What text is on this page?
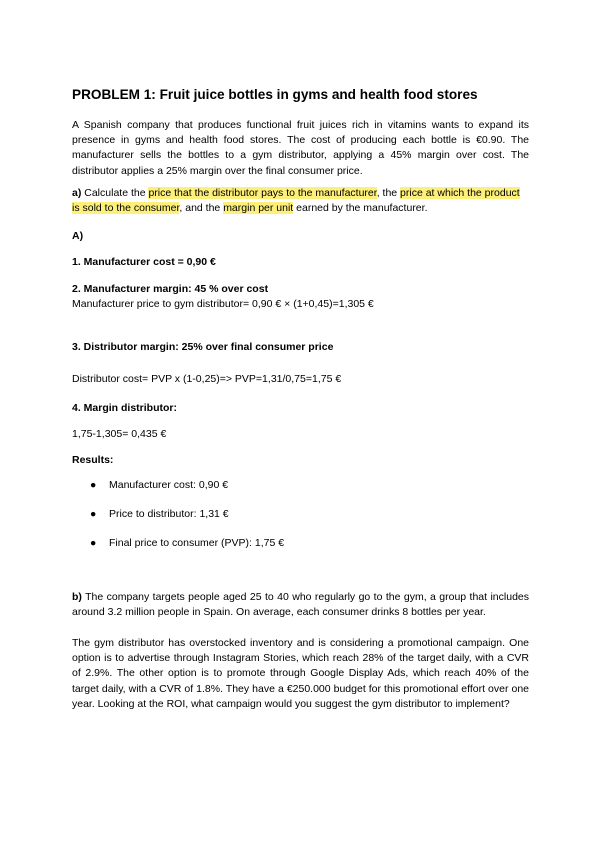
PROBLEM 1: Fruit juice bottles in gyms and health food stores

A Spanish company that produces functional fruit juices rich in vitamins wants to expand its presence in gyms and health food stores. The cost of producing each bottle is €0.90. The manufacturer sells the bottles to a gym distributor, applying a 45% margin over cost. The distributor applies a 25% margin over the final consumer price.

a) Calculate the price that the distributor pays to the manufacturer, the price at which the product is sold to the consumer, and the margin per unit earned by the manufacturer.

A)

1. Manufacturer cost = 0,90 €

2. Manufacturer margin: 45 % over cost

Manufacturer price to gym distributor= 0,90 € × (1+0,45)=1,305 €

3. Distributor margin: 25% over final consumer price

Distributor cost= PVP x (1-0,25)=> PVP=1,31/0,75=1,75 €

4. Margin distributor:

1,75-1,305= 0,435 €

Results:

● Manufacturer cost: 0,90 €
● Price to distributor: 1,31 €
● Final price to consumer (PVP): 1,75 €

b) The company targets people aged 25 to 40 who regularly go to the gym, a group that includes around 3.2 million people in Spain. On average, each consumer drinks 8 bottles per year.

The gym distributor has overstocked inventory and is considering a promotional campaign. One option is to advertise through Instagram Stories, which reach 28% of the target daily, with a CVR of 2.9%. The other option is to promote through Google Display Ads, which reach 40% of the target daily, with a CVR of 1.8%. They have a €250.000 budget for this promotional effort over one year. Looking at the ROI, what campaign would you suggest the gym distributor to implement?
